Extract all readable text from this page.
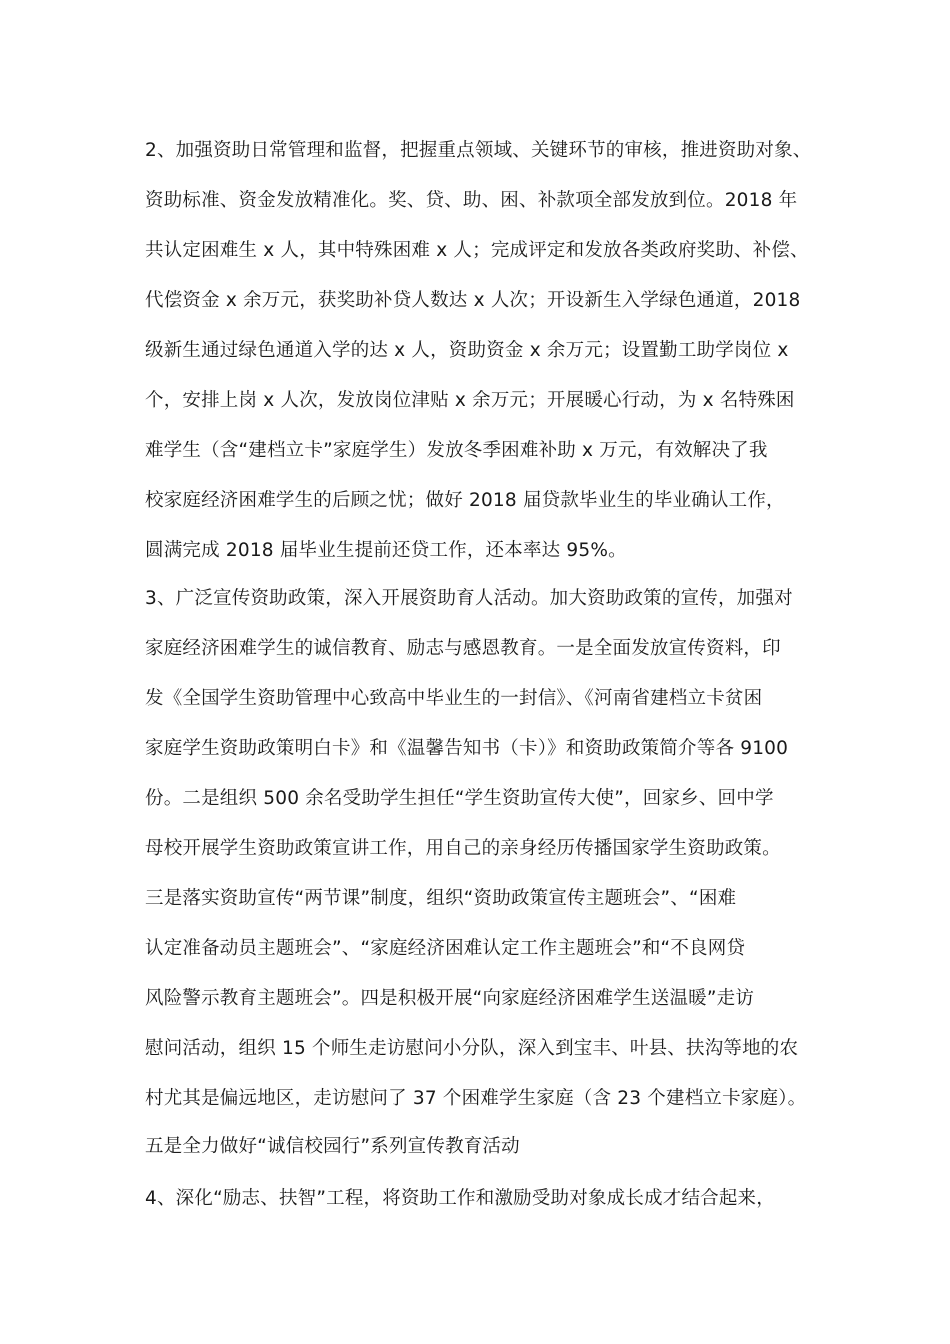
2、加强资助日常管理和监督，把握重点领域、关键环节的审核，推进资助对象、
资助标准、资金发放精准化。奖、贷、助、困、补款项全部发放到位。2018 年
共认定困难生 x 人，其中特殊困难 x 人；完成评定和发放各类政府奖助、补偿、
代偿资金 x 余万元，获奖助补贷人数达 x 人次；开设新生入学绿色通道，2018
级新生通过绿色通道入学的达 x 人，资助资金 x 余万元；设置勤工助学岗位 x
个，安排上岗 x 人次，发放岗位津贴 x 余万元；开展暖心行动，为 x 名特殊困
难学生（含“建档立卡”家庭学生）发放冬季困难补助 x 万元，有效解决了我
校家庭经济困难学生的后顾之忧；做好 2018 届贷款毕业生的毕业确认工作，
圆满完成 2018 届毕业生提前还贷工作，还本率达 95%。
3、广泛宣传资助政策，深入开展资助育人活动。加大资助政策的宣传，加强对
家庭经济困难学生的诚信教育、励志与感恩教育。一是全面发放宣传资料，印
发《全国学生资助管理中心致高中毕业生的一封信》、《河南省建档立卡贫困
家庭学生资助政策明白卡》和《温馨告知书（卡）》和资助政策简介等各 9100
份。二是组织 500 余名受助学生担任“学生资助宣传大使”，回家乡、回中学
母校开展学生资助政策宣讲工作，用自己的亲身经历传播国家学生资助政策。
三是落实资助宣传“两节课”制度，组织“资助政策宣传主题班会”、“困难
认定准备动员主题班会”、“家庭经济困难认定工作主题班会”和“不良网贷
风险警示教育主题班会”。四是积极开展“向家庭经济困难学生送温暖”走访
慰问活动，组织 15 个师生走访慰问小分队，深入到宝丰、叶县、扶沟等地的农
村尤其是偏远地区，走访慰问了 37 个困难学生家庭（含 23 个建档立卡家庭）。
五是全力做好“诚信校园行”系列宣传教育活动
4、深化“励志、扶智”工程，将资助工作和激励受助对象成长成才结合起来，
